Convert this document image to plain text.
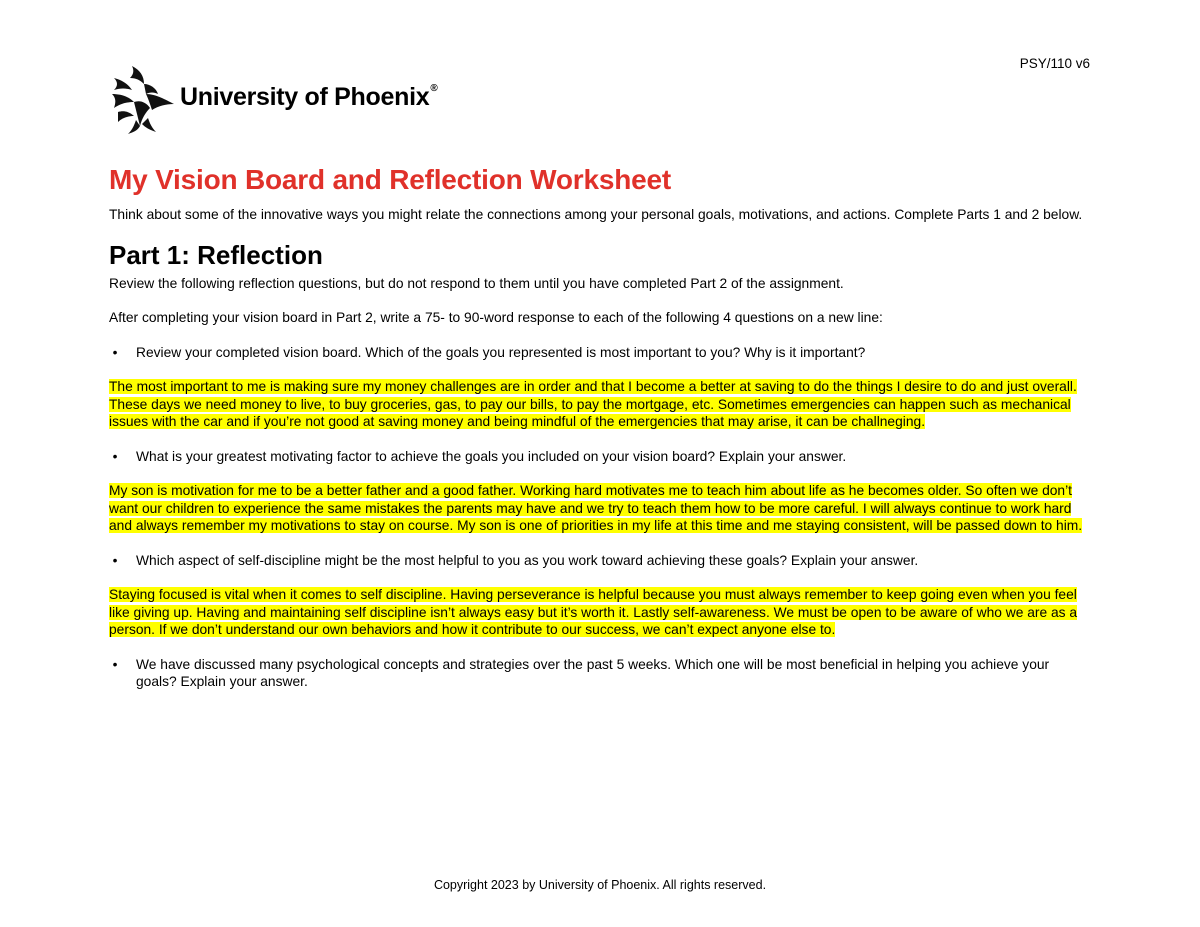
PSY/110 v6
University of Phoenix®
My Vision Board and Reflection Worksheet

Think about some of the innovative ways you might relate the connections among your personal goals, motivations, and actions. Complete Parts 1 and 2 below.

Part 1: Reflection

Review the following reflection questions, but do not respond to them until you have completed Part 2 of the assignment.

After completing your vision board in Part 2, write a 75- to 90-word response to each of the following 4 questions on a new line:

• Review your completed vision board. Which of the goals you represented is most important to you? Why is it important?

The most important to me is making sure my money challenges are in order and that I become a better at saving to do the things I desire to do and just overall. These days we need money to live, to buy groceries, gas, to pay our bills, to pay the mortgage, etc. Sometimes emergencies can happen such as mechanical issues with the car and if you’re not good at saving money and being mindful of the emergencies that may arise, it can be challneging.

• What is your greatest motivating factor to achieve the goals you included on your vision board? Explain your answer.

My son is motivation for me to be a better father and a good father. Working hard motivates me to teach him about life as he becomes older. So often we don’t want our children to experience the same mistakes the parents may have and we try to teach them how to be more careful. I will always continue to work hard and always remember my motivations to stay on course. My son is one of priorities in my life at this time and me staying consistent, will be passed down to him.

• Which aspect of self-discipline might be the most helpful to you as you work toward achieving these goals? Explain your answer.

Staying focused is vital when it comes to self discipline. Having perseverance is helpful because you must always remember to keep going even when you feel like giving up. Having and maintaining self discipline isn’t always easy but it’s worth it. Lastly self-awareness. We must be open to be aware of who we are as a person. If we don’t understand our own behaviors and how it contribute to our success, we can’t expect anyone else to.

• We have discussed many psychological concepts and strategies over the past 5 weeks. Which one will be most beneficial in helping you achieve your goals? Explain your answer.
Copyright 2023 by University of Phoenix. All rights reserved.
